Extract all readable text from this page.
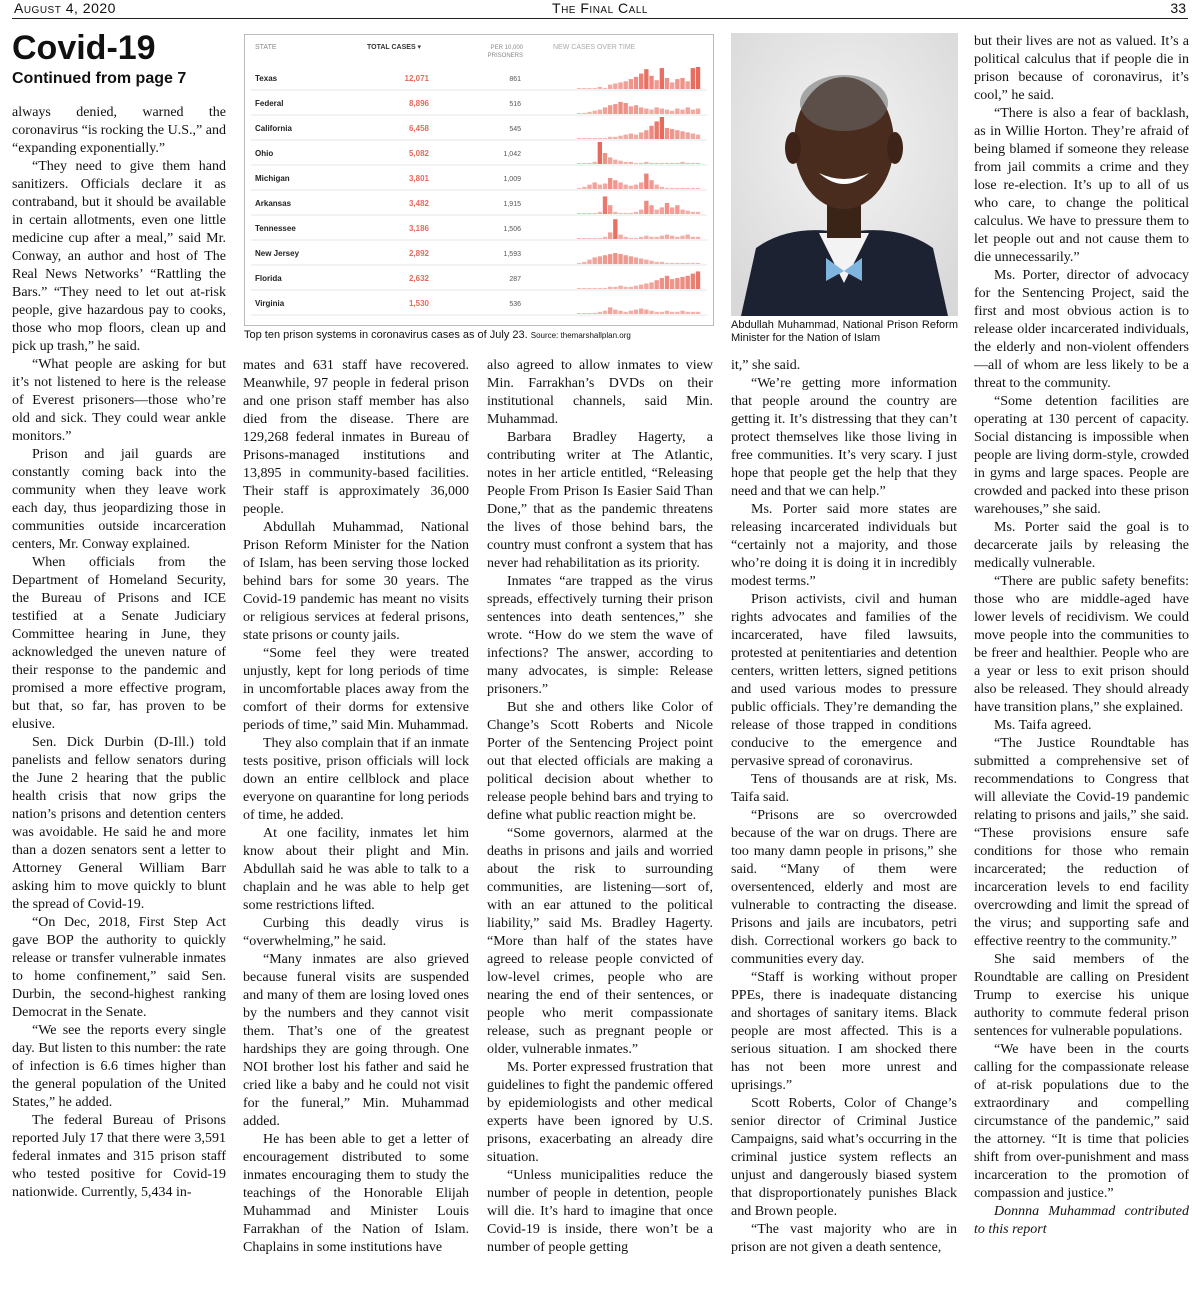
August 4, 2020	The Final Call	33
Covid-19
Continued from page 7

always denied, warned the coronavirus “is rocking the U.S.,” and “expanding exponentially.”

“They need to give them hand sanitizers. Officials declare it as contraband, but it should be available in certain allotments, even one little medicine cup after a meal,” said Mr. Conway, an author and host of The Real News Networks’ “Rattling the Bars.” “They need to let out at-risk people, give hazardous pay to cooks, those who mop floors, clean up and pick up trash,” he said.

“What people are asking for but it’s not listened to here is the release of Everest prisoners—those who’re old and sick. They could wear ankle monitors.”

Prison and jail guards are constantly coming back into the community when they leave work each day, thus jeopardizing those in communities outside incarceration centers, Mr. Conway explained.

When officials from the Department of Homeland Security, the Bureau of Prisons and ICE testified at a Senate Judiciary Committee hearing in June, they acknowledged the uneven nature of their response to the pandemic and promised a more effective program, but that, so far, has proven to be elusive.

Sen. Dick Durbin (D-Ill.) told panelists and fellow senators during the June 2 hearing that the public health crisis that now grips the nation’s prisons and detention centers was avoidable. He said he and more than a dozen senators sent a letter to Attorney General William Barr asking him to move quickly to blunt the spread of Covid-19.

“On Dec, 2018, First Step Act gave BOP the authority to quickly release or transfer vulnerable inmates to home confinement,” said Sen. Durbin, the second-highest ranking Democrat in the Senate.

“We see the reports every single day. But listen to this number: the rate of infection is 6.6 times higher than the general population of the United States,” he added.

The federal Bureau of Prisons reported July 17 that there were 3,591 federal inmates and 315 prison staff who tested positive for Covid-19 nationwide. Currently, 5,434 in-

STATE	TOTAL CASES ▾	PER 10,000
PRISONERS
NEW CASES OVER TIME
Texas	12,071	861
Federal	8,896	516
California	6,458	545
Ohio	5,082	1,042
Michigan	3,801	1,009
Arkansas	3,482	1,915
Tennessee	3,186	1,506
New Jersey	2,892	1,593
Florida	2,632	287
Virginia	1,530	536
Top ten prison systems in coronavirus cases as of July 23. Source: themarshallplan.org
Abdullah Muhammad, National Prison Reform Minister for the Nation of Islam

mates and 631 staff have recovered. Meanwhile, 97 people in federal prison and one prison staff member has also died from the disease. There are 129,268 federal inmates in Bureau of Prisons-managed institutions and 13,895 in community-based facilities. Their staff is approximately 36,000 people.

Abdullah Muhammad, National Prison Reform Minister for the Nation of Islam, has been serving those locked behind bars for some 30 years. The Covid-19 pandemic has meant no visits or religious services at federal prisons, state prisons or county jails.

“Some feel they were treated unjustly, kept for long periods of time in uncomfortable places away from the comfort of their dorms for extensive periods of time,” said Min. Muhammad.

They also complain that if an inmate tests positive, prison officials will lock down an entire cellblock and place everyone on quarantine for long periods of time, he added.

At one facility, inmates let him know about their plight and Min. Abdullah said he was able to talk to a chaplain and he was able to help get some restrictions lifted.

Curbing this deadly virus is “overwhelming,” he said.

“Many inmates are also grieved because funeral visits are suspended and many of them are losing loved ones by the numbers and they cannot visit them. That’s one of the greatest hardships they are going through. One NOI brother lost his father and said he cried like a baby and he could not visit for the funeral,” Min. Muhammad added.

He has been able to get a letter of encouragement distributed to some inmates encouraging them to study the teachings of the Honorable Elijah Muhammad and Minister Louis Farrakhan of the Nation of Islam. Chaplains in some institutions have

also agreed to allow inmates to view Min. Farrakhan’s DVDs on their institutional channels, said Min. Muhammad.

Barbara Bradley Hagerty, a contributing writer at The Atlantic, notes in her article entitled, “Releasing People From Prison Is Easier Said Than Done,” that as the pandemic threatens the lives of those behind bars, the country must confront a system that has never had rehabilitation as its priority.

Inmates “are trapped as the virus spreads, effectively turning their prison sentences into death sentences,” she wrote. “How do we stem the wave of infections? The answer, according to many advocates, is simple: Release prisoners.”

But she and others like Color of Change’s Scott Roberts and Nicole Porter of the Sentencing Project point out that elected officials are making a political decision about whether to release people behind bars and trying to define what public reaction might be.

“Some governors, alarmed at the deaths in prisons and jails and worried about the risk to surrounding communities, are listening—sort of, with an ear attuned to the political liability,” said Ms. Bradley Hagerty. “More than half of the states have agreed to release people convicted of low-level crimes, people who are nearing the end of their sentences, or people who merit compassionate release, such as pregnant people or older, vulnerable inmates.”

Ms. Porter expressed frustration that guidelines to fight the pandemic offered by epidemiologists and other medical experts have been ignored by U.S. prisons, exacerbating an already dire situation.

“Unless municipalities reduce the number of people in detention, people will die. It’s hard to imagine that once Covid-19 is inside, there won’t be a number of people getting

it,” she said.

“We’re getting more information that people around the country are getting it. It’s distressing that they can’t protect themselves like those living in free communities. It’s very scary. I just hope that people get the help that they need and that we can help.”

Ms. Porter said more states are releasing incarcerated individuals but “certainly not a majority, and those who’re doing it is doing it in incredibly modest terms.”

Prison activists, civil and human rights advocates and families of the incarcerated, have filed lawsuits, protested at penitentiaries and detention centers, written letters, signed petitions and used various modes to pressure public officials. They’re demanding the release of those trapped in conditions conducive to the emergence and pervasive spread of coronavirus.

Tens of thousands are at risk, Ms. Taifa said.

“Prisons are so overcrowded because of the war on drugs. There are too many damn people in prisons,” she said. “Many of them were oversentenced, elderly and most are vulnerable to contracting the disease. Prisons and jails are incubators, petri dish. Correctional workers go back to communities every day.

“Staff is working without proper PPEs, there is inadequate distancing and shortages of sanitary items. Black people are most affected. This is a serious situation. I am shocked there has not been more unrest and uprisings.”

Scott Roberts, Color of Change’s senior director of Criminal Justice Campaigns, said what’s occurring in the criminal justice system reflects an unjust and dangerously biased system that disproportionately punishes Black and Brown people.

“The vast majority who are in prison are not given a death sentence,

but their lives are not as valued. It’s a political calculus that if people die in prison because of coronavirus, it’s cool,” he said.

“There is also a fear of backlash, as in Willie Horton. They’re afraid of being blamed if someone they release from jail commits a crime and they lose re-election. It’s up to all of us who care, to change the political calculus. We have to pressure them to let people out and not cause them to die unnecessarily.”

Ms. Porter, director of advocacy for the Sentencing Project, said the first and most obvious action is to release older incarcerated individuals, the elderly and non-violent offenders—all of whom are less likely to be a threat to the community.

“Some detention facilities are operating at 130 percent of capacity. Social distancing is impossible when people are living dorm-style, crowded in gyms and large spaces. People are crowded and packed into these prison warehouses,” she said.

Ms. Porter said the goal is to decarcerate jails by releasing the medically vulnerable.

“There are public safety benefits: those who are middle-aged have lower levels of recidivism. We could move people into the communities to be freer and healthier. People who are a year or less to exit prison should also be released. They should already have transition plans,” she explained.

Ms. Taifa agreed.

“The Justice Roundtable has submitted a comprehensive set of recommendations to Congress that will alleviate the Covid-19 pandemic relating to prisons and jails,” she said. “These provisions ensure safe conditions for those who remain incarcerated; the reduction of incarceration levels to end facility overcrowding and limit the spread of the virus; and supporting safe and effective reentry to the community.”

She said members of the Roundtable are calling on President Trump to exercise his unique authority to commute federal prison sentences for vulnerable populations.

“We have been in the courts calling for the compassionate release of at-risk populations due to the extraordinary and compelling circumstance of the pandemic,” said the attorney. “It is time that policies shift from over-punishment and mass incarceration to the promotion of compassion and justice.”

Donnna Muhammad contributed to this report
